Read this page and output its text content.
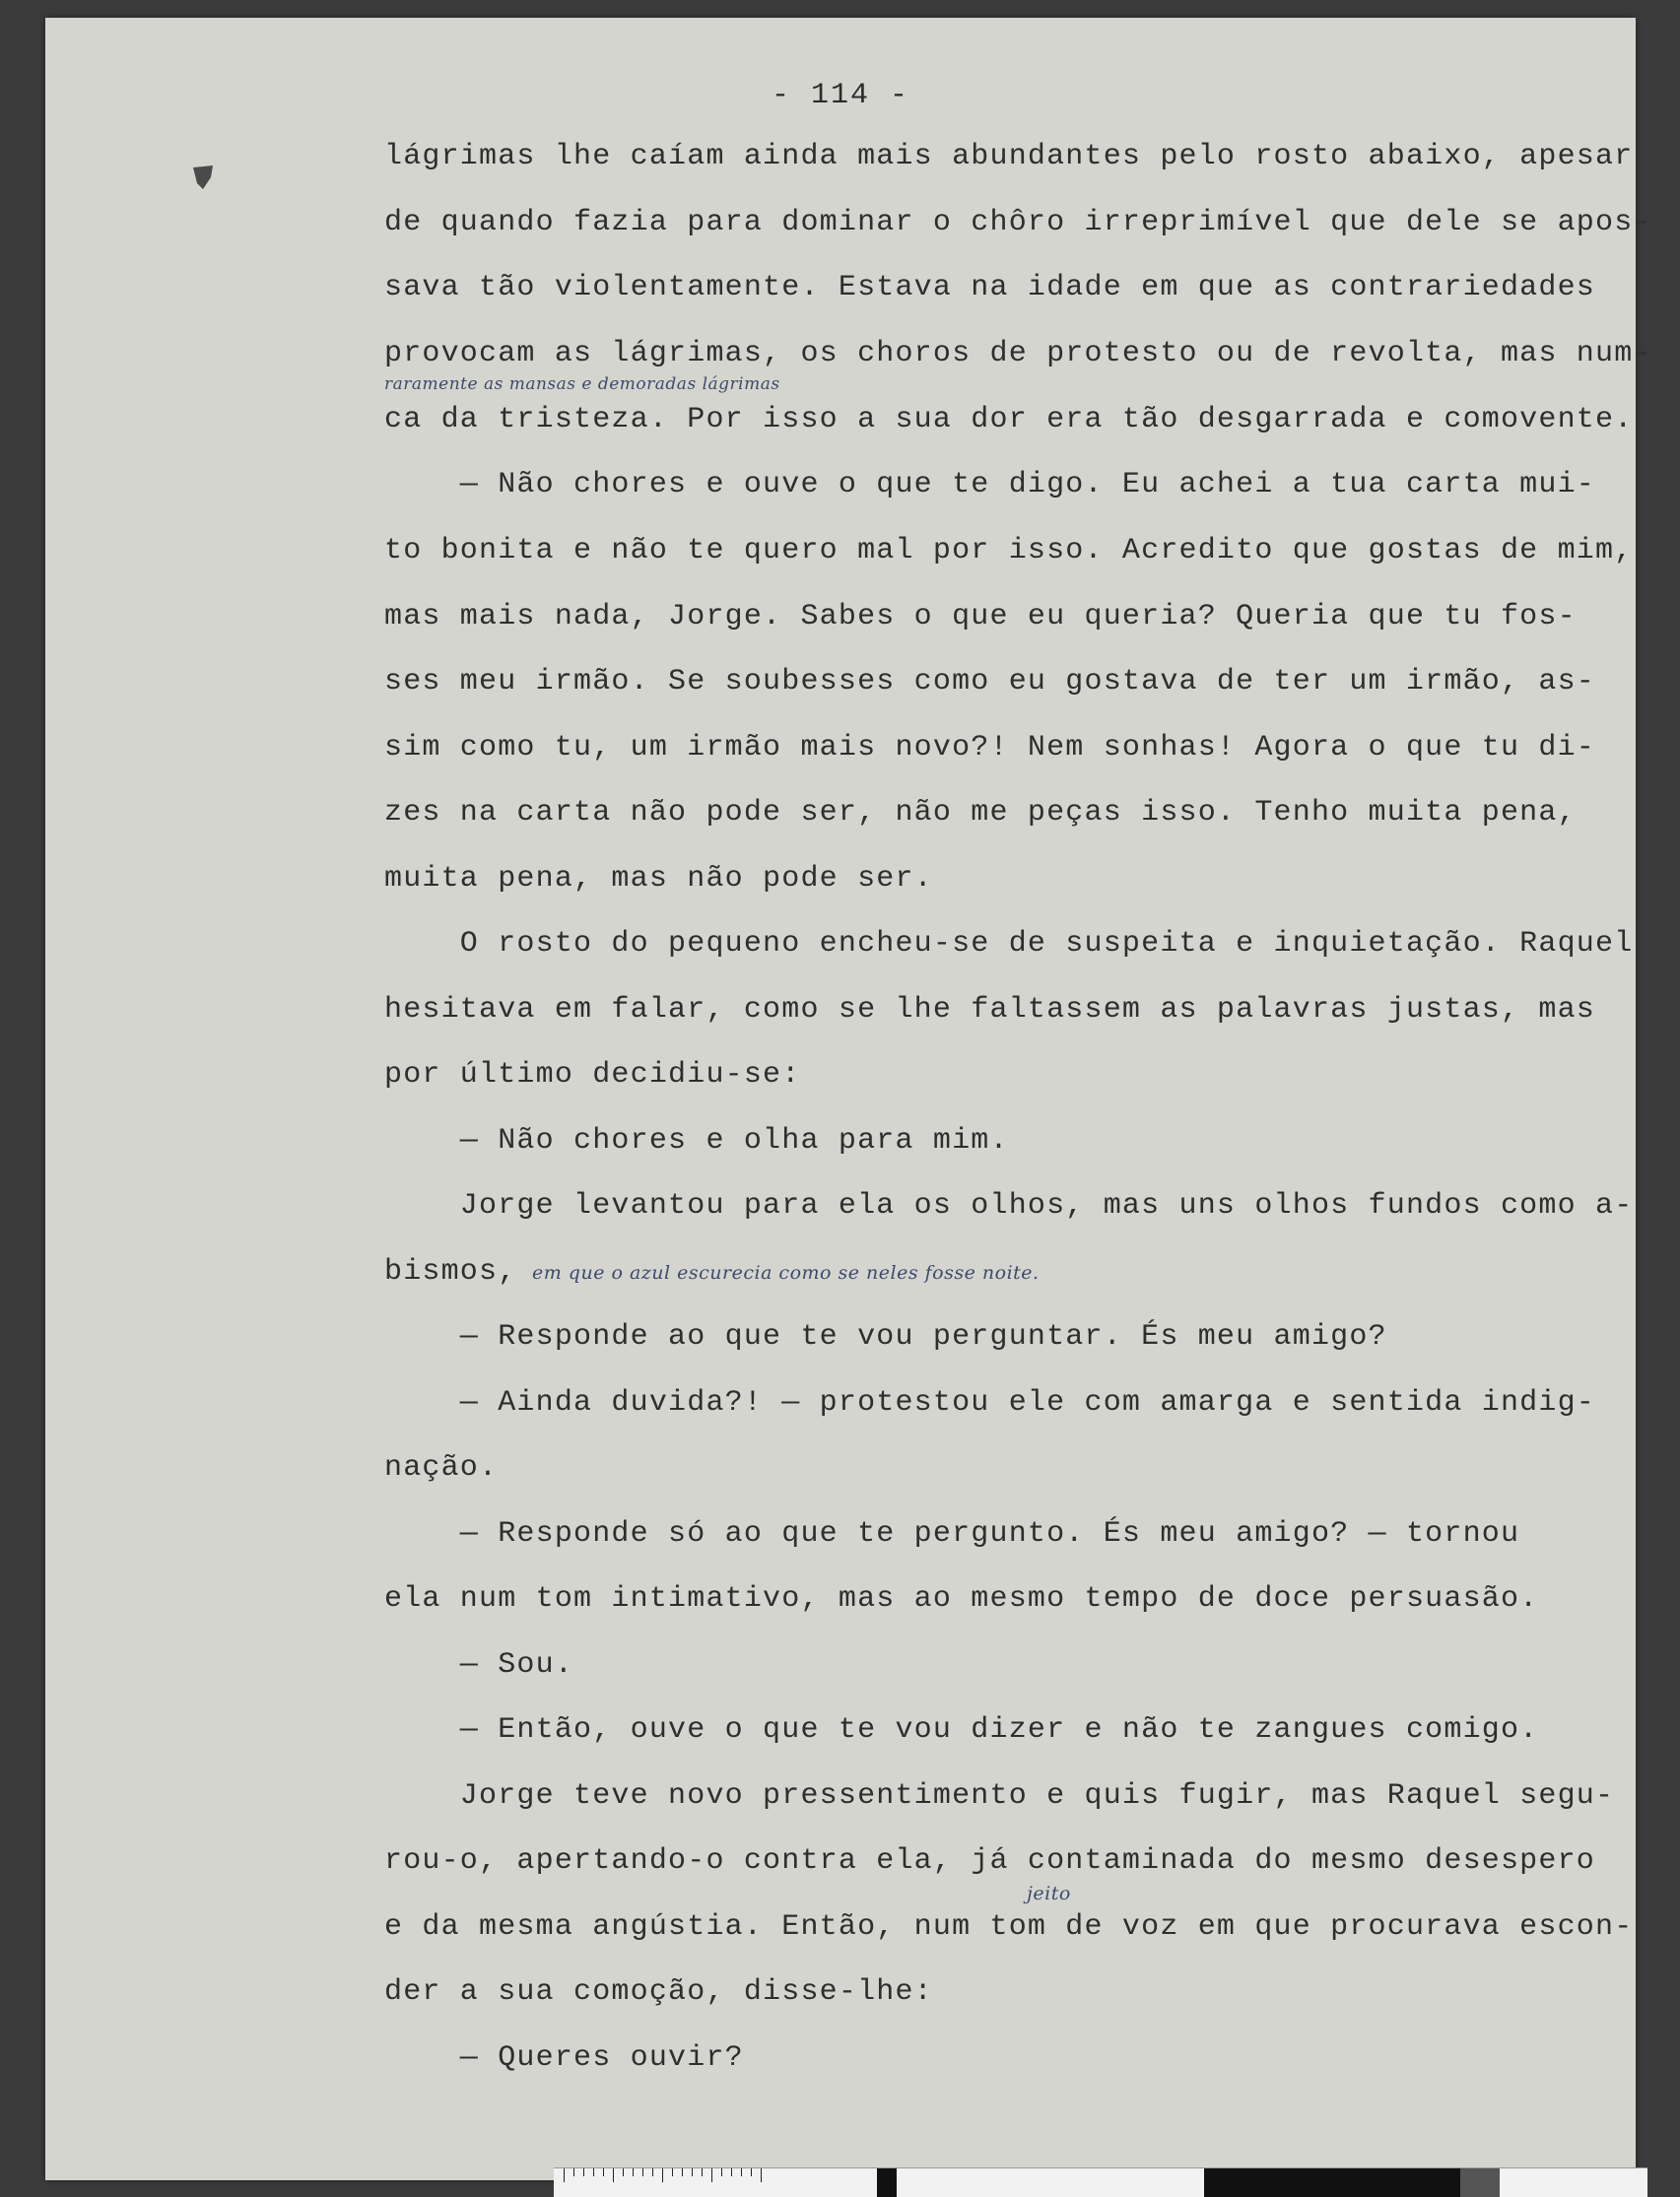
- 114 -
lágrimas lhe caíam ainda mais abundantes pelo rosto abaixo, apesar
de quando fazia para dominar o chôro irreprimível que dele se apos-
sava tão violentamente. Estava na idade em que as contrariedades
provocam as lágrimas, os choros de protesto ou de revolta, mas num-
raramente as mansas e demoradas lágrimas
ca da tristeza. Por isso a sua dor era tão desgarrada e comovente.
— Não chores e ouve o que te digo. Eu achei a tua carta mui-
to bonita e não te quero mal por isso. Acredito que gostas de mim,
mas mais nada, Jorge. Sabes o que eu queria? Queria que tu fos-
ses meu irmão. Se soubesses como eu gostava de ter um irmão, as-
sim como tu, um irmão mais novo?! Nem sonhas! Agora o que tu di-
zes na carta não pode ser, não me peças isso. Tenho muita pena,
muita pena, mas não pode ser.
O rosto do pequeno encheu-se de suspeita e inquietação. Raquel
hesitava em falar, como se lhe faltassem as palavras justas, mas
por último decidiu-se:
— Não chores e olha para mim.
Jorge levantou para ela os olhos, mas uns olhos fundos como a-
bismos, em que o azul escurecia como se neles fosse noite.
— Responde ao que te vou perguntar. És meu amigo?
— Ainda duvida?! — protestou ele com amarga e sentida indig-
nação.
— Responde só ao que te pergunto. És meu amigo? — tornou
ela num tom intimativo, mas ao mesmo tempo de doce persuasão.
— Sou.
— Então, ouve o que te vou dizer e não te zangues comigo.
Jorge teve novo pressentimento e quis fugir, mas Raquel segu-
rou-o, apertando-o contra ela, já contaminada do mesmo desespero
jeito
e da mesma angústia. Então, num tom de voz em que procurava escon-
der a sua comoção, disse-lhe:
— Queres ouvir?
